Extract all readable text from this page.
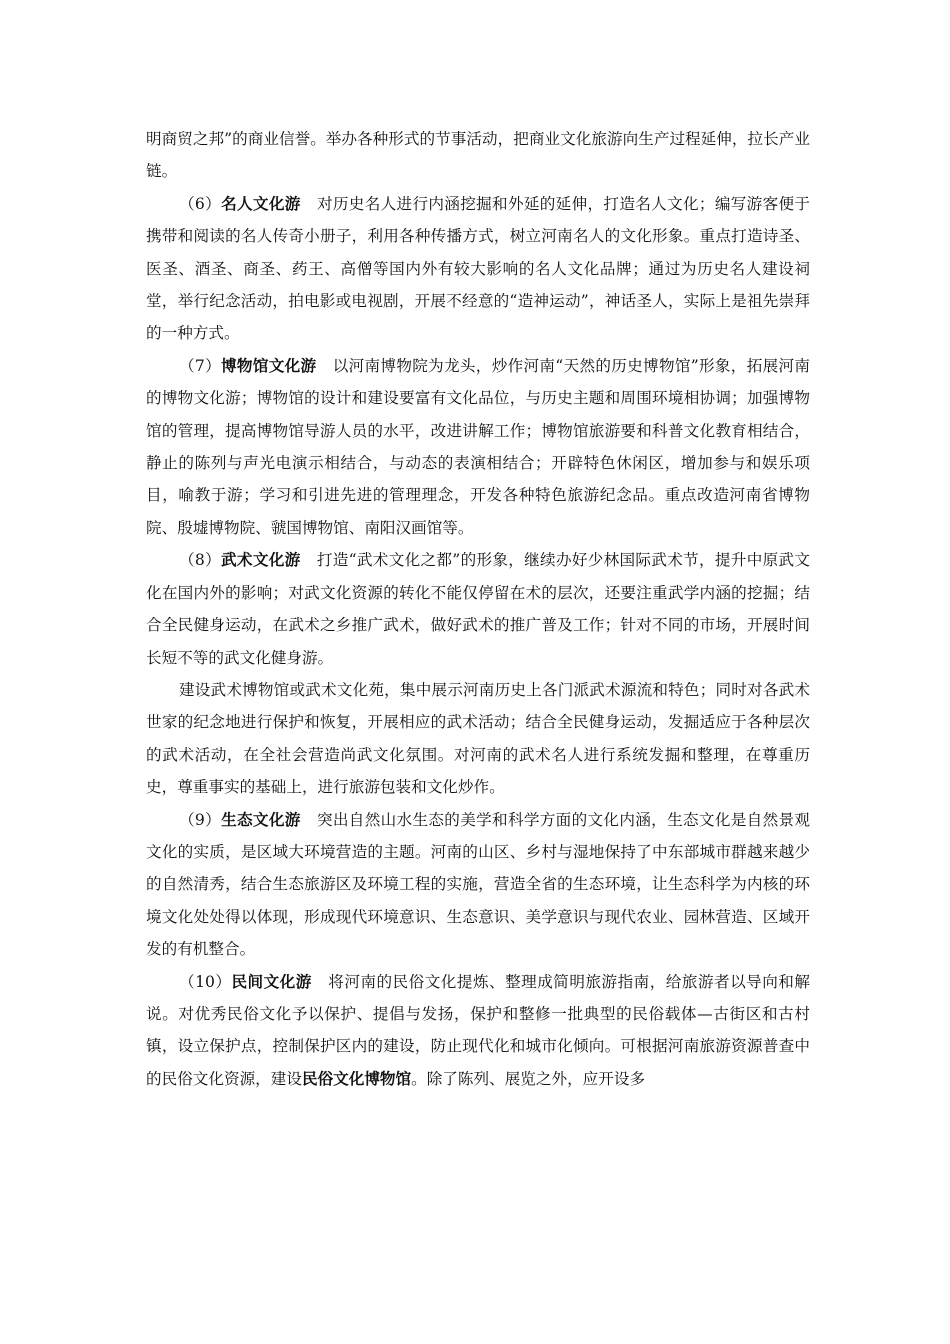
明商贸之邦”的商业信誉。举办各种形式的节事活动，把商业文化旅游向生产过程延伸，拉长产业链。

（6）名人文化游 对历史名人进行内涵挖掘和外延的延伸，打造名人文化；编写游客便于携带和阅读的名人传奇小册子，利用各种传播方式，树立河南名人的文化形象。重点打造诗圣、医圣、酒圣、商圣、药王、高僧等国内外有较大影响的名人文化品牌；通过为历史名人建设祠堂，举行纪念活动，拍电影或电视剧，开展不经意的“造神运动”，神话圣人，实际上是祖先崇拜的一种方式。

（7）博物馆文化游 以河南博物院为龙头，炒作河南“天然的历史博物馆”形象，拓展河南的博物文化游；博物馆的设计和建设要富有文化品位，与历史主题和周围环境相协调；加强博物馆的管理，提高博物馆导游人员的水平，改进讲解工作；博物馆旅游要和科普文化教育相结合，静止的陈列与声光电演示相结合，与动态的表演相结合；开辟特色休闲区，增加参与和娱乐项目，喻教于游；学习和引进先进的管理理念，开发各种特色旅游纪念品。重点改造河南省博物院、殷墟博物院、虢国博物馆、南阳汉画馆等。

（8）武术文化游 打造“武术文化之都”的形象，继续办好少林国际武术节，提升中原武文化在国内外的影响；对武文化资源的转化不能仅停留在术的层次，还要注重武学内涵的挖掘；结合全民健身运动，在武术之乡推广武术，做好武术的推广普及工作；针对不同的市场，开展时间长短不等的武文化健身游。

建设武术博物馆或武术文化苑，集中展示河南历史上各门派武术源流和特色；同时对各武术世家的纪念地进行保护和恢复，开展相应的武术活动；结合全民健身运动，发掘适应于各种层次的武术活动，在全社会营造尚武文化氛围。对河南的武术名人进行系统发掘和整理，在尊重历史，尊重事实的基础上，进行旅游包装和文化炒作。

（9）生态文化游 突出自然山水生态的美学和科学方面的文化内涵，生态文化是自然景观文化的实质，是区域大环境营造的主题。河南的山区、乡村与湿地保持了中东部城市群越来越少的自然清秀，结合生态旅游区及环境工程的实施，营造全省的生态环境，让生态科学为内核的环境文化处处得以体现，形成现代环境意识、生态意识、美学意识与现代农业、园林营造、区域开发的有机整合。

（10）民间文化游 将河南的民俗文化提炼、整理成简明旅游指南，给旅游者以导向和解说。对优秀民俗文化予以保护、提倡与发扬，保护和整修一批典型的民俗载体—古街区和古村镇，设立保护点，控制保护区内的建设，防止现代化和城市化倾向。可根据河南旅游资源普查中的民俗文化资源，建设民俗文化博物馆。除了陈列、展览之外，应开设多
